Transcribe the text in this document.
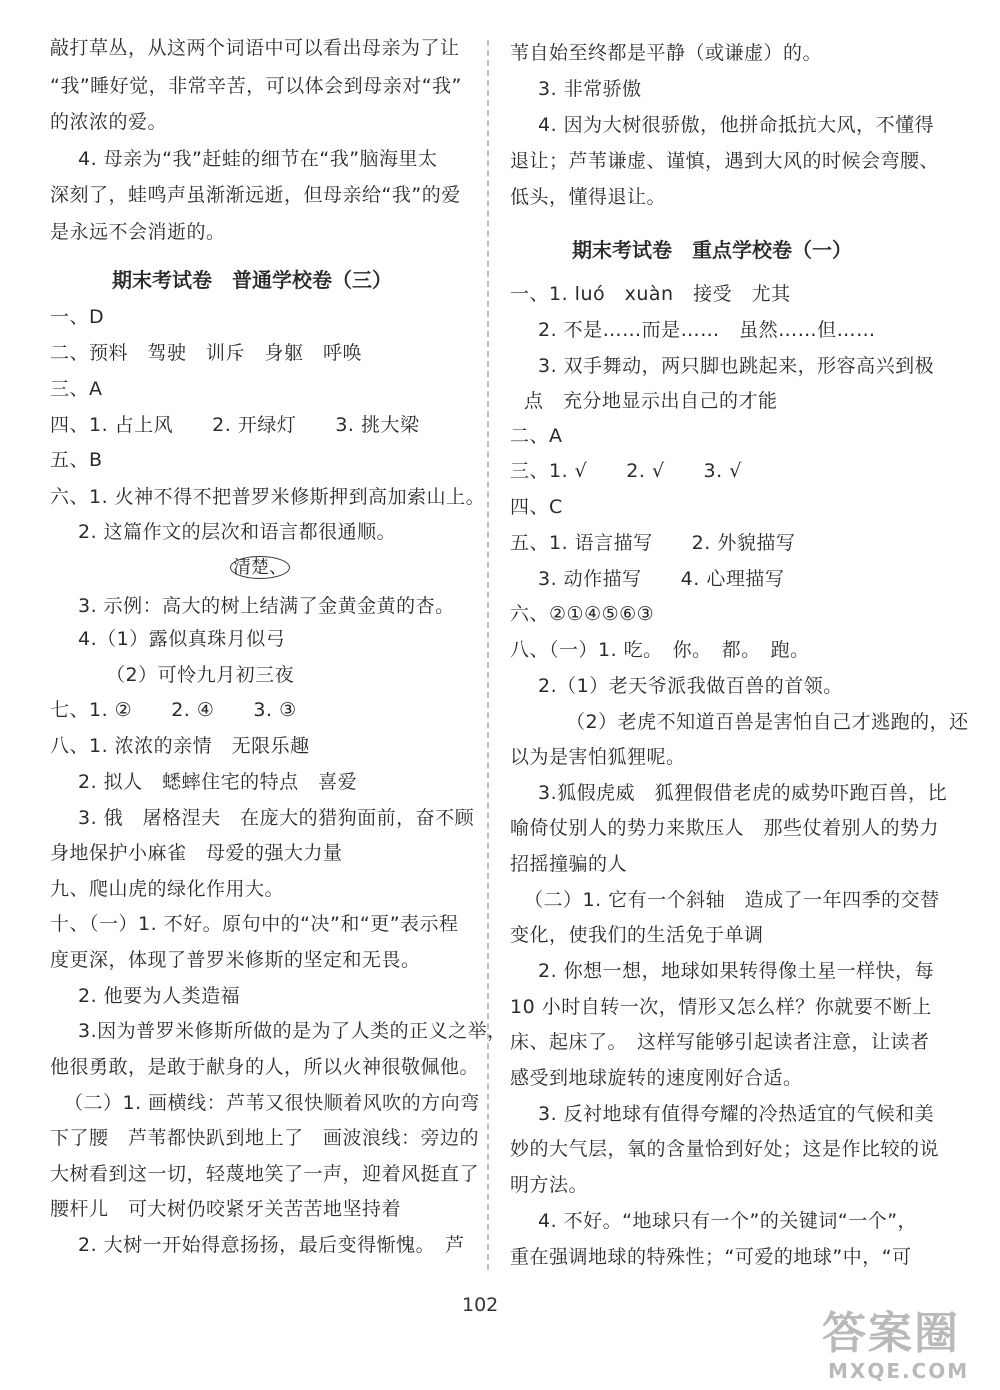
敲打草丛，从这两个词语中可以看出母亲为了让
“我”睡好觉，非常辛苦，可以体会到母亲对“我”
的浓浓的爱。
4. 母亲为“我”赶蛙的细节在“我”脑海里太
深刻了，蛙鸣声虽渐渐远逝，但母亲给“我”的爱
是永远不会消逝的。
期末考试卷　普通学校卷（三）
一、D
二、预料　驾驶　训斥　身躯　呼唤
三、A
四、1. 占上风　　2. 开绿灯　　3. 挑大梁
五、B
六、1. 火神不得不把普罗米修斯押到高加索山上。
2. 这篇作文的层次和语言都很通顺。
清楚、
3. 示例：高大的树上结满了金黄金黄的杏。
4.（1）露似真珠月似弓
（2）可怜九月初三夜
七、1. ②　　2. ④　　3. ③
八、1. 浓浓的亲情　无限乐趣
2. 拟人　蟋蟀住宅的特点　喜爱
3. 俄　屠格涅夫　在庞大的猎狗面前，奋不顾
身地保护小麻雀　母爱的强大力量
九、爬山虎的绿化作用大。
十、（一）1. 不好。原句中的“决”和“更”表示程
度更深，体现了普罗米修斯的坚定和无畏。
2. 他要为人类造福
3.因为普罗米修斯所做的是为了人类的正义之举，
他很勇敢，是敢于献身的人，所以火神很敬佩他。
（二）1. 画横线：芦苇又很快顺着风吹的方向弯
下了腰　芦苇都快趴到地上了　画波浪线：旁边的
大树看到这一切，轻蔑地笑了一声，迎着风挺直了
腰杆儿　可大树仍咬紧牙关苦苦地坚持着
2. 大树一开始得意扬扬，最后变得惭愧。　芦
苇自始至终都是平静（或谦虚）的。
3. 非常骄傲
4. 因为大树很骄傲，他拼命抵抗大风，不懂得
退让；芦苇谦虚、谨慎，遇到大风的时候会弯腰、
低头，懂得退让。
期末考试卷　重点学校卷（一）
一、1. luó　xuàn　接受　尤其
2. 不是……而是……　虽然……但……
3. 双手舞动，两只脚也跳起来，形容高兴到极
点　充分地显示出自己的才能
二、A
三、1. √　　2. √　　3. √
四、C
五、1. 语言描写　　2. 外貌描写
3. 动作描写　　4. 心理描写
六、②①④⑤⑥③
八、（一）1. 吃。　你。　都。　跑。
2.（1）老天爷派我做百兽的首领。
（2）老虎不知道百兽是害怕自己才逃跑的，还
以为是害怕狐狸呢。
3.狐假虎威　狐狸假借老虎的威势吓跑百兽，比
喻倚仗别人的势力来欺压人　那些仗着别人的势力
招摇撞骗的人
（二）1. 它有一个斜轴　造成了一年四季的交替
变化，使我们的生活免于单调
2. 你想一想，地球如果转得像土星一样快，每
10 小时自转一次，情形又怎么样？你就要不断上
床、起床了。　这样写能够引起读者注意，让读者
感受到地球旋转的速度刚好合适。
3. 反衬地球有值得夸耀的冷热适宜的气候和美
妙的大气层，氧的含量恰到好处；这是作比较的说
明方法。
4. 不好。“地球只有一个”的关键词“一个”，
重在强调地球的特殊性；“可爱的地球”中，“可
102
答案圈
MXQE.COM
